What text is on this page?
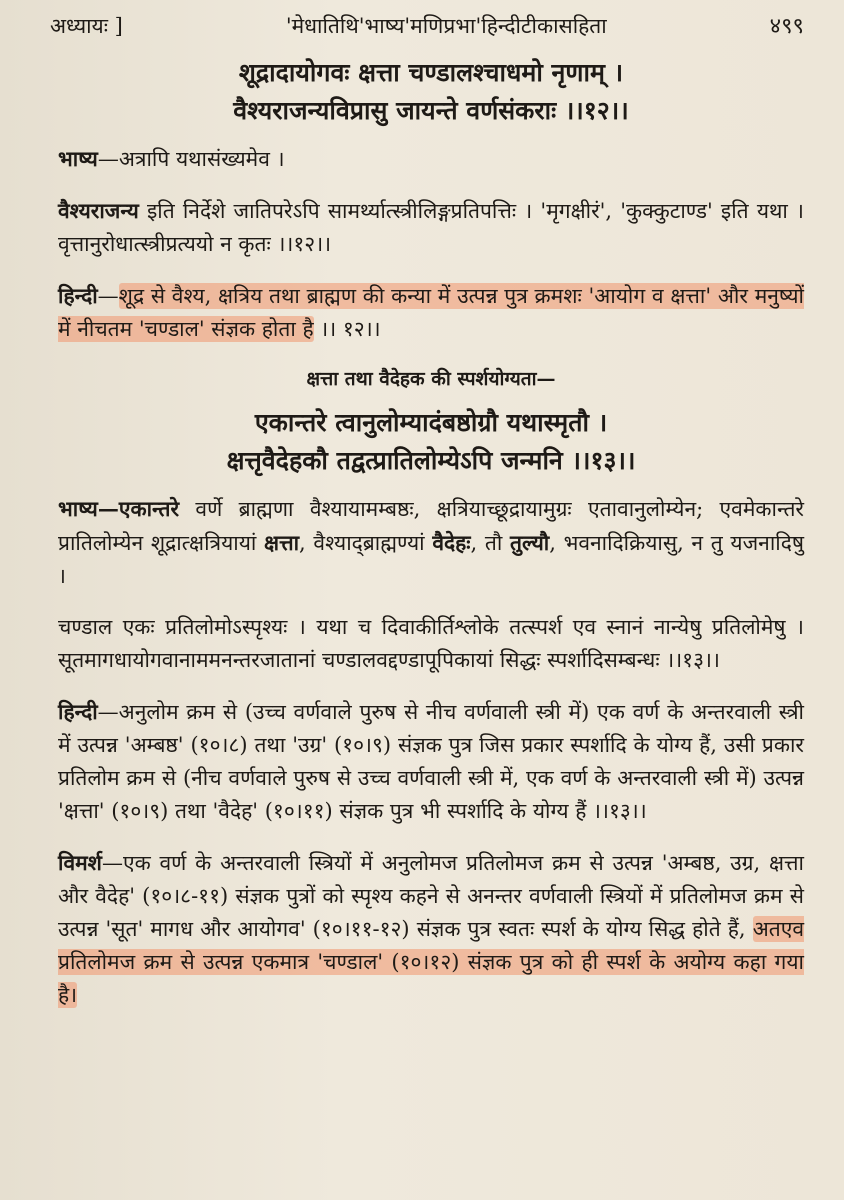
अध्यायः ]	'मेधातिथि'भाष्य'मणिप्रभा'हिन्दीटीकासहिता	४९९

शूद्रादायोगवः क्षत्ता चण्डालश्चाधमो नृणाम् ।

वैश्यराजन्यविप्रासु जायन्ते वर्णसंकराः ।।१२।।

भाष्य—अत्रापि यथासंख्यमेव ।

वैश्यराजन्य इति निर्देशे जातिपरेऽपि सामर्थ्यात्स्त्रीलिङ्गप्रतिपत्तिः । 'मृगक्षीरं', 'कुक्कुटाण्ड' इति यथा । वृत्तानुरोधात्स्त्रीप्रत्ययो न कृतः ।।१२।।

हिन्दी—शूद्र से वैश्य, क्षत्रिय तथा ब्राह्मण की कन्या में उत्पन्न पुत्र क्रमशः 'आयोग व क्षत्ता' और मनुष्यों में नीचतम 'चण्डाल' संज्ञक होता है ।। १२।।

क्षत्ता तथा वैदेहक की स्पर्शयोग्यता—

एकान्तरे त्वानुलोम्यादंबष्ठोग्रौ यथास्मृतौ ।

क्षत्तृवैदेहकौ तद्वत्प्रातिलोम्येऽपि जन्मनि ।।१३।।

भाष्य—एकान्तरे वर्णे ब्राह्मणा वैश्यायामम्बष्ठः, क्षत्रियाच्छूद्रायामुग्रः एतावानुलोम्येन; एवमेकान्तरे प्रातिलोम्येन शूद्रात्क्षत्रियायां क्षत्ता, वैश्याद्ब्राह्मण्यां वैदेहः, तौ तुल्यौ, भवनादिक्रियासु, न तु यजनादिषु ।

चण्डाल एकः प्रतिलोमोऽस्पृश्यः । यथा च दिवाकीर्तिश्लोके तत्स्पर्श एव स्नानं नान्येषु प्रतिलोमेषु । सूतमागधायोगवानाममनन्तरजातानां चण्डालवद्दण्डापूपिकायां सिद्धः स्पर्शादिसम्बन्धः ।।१३।।

हिन्दी—अनुलोम क्रम से (उच्च वर्णवाले पुरुष से नीच वर्णवाली स्त्री में) एक वर्ण के अन्तरवाली स्त्री में उत्पन्न 'अम्बष्ठ' (१०।८) तथा 'उग्र' (१०।९) संज्ञक पुत्र जिस प्रकार स्पर्शादि के योग्य हैं, उसी प्रकार प्रतिलोम क्रम से (नीच वर्णवाले पुरुष से उच्च वर्णवाली स्त्री में, एक वर्ण के अन्तरवाली स्त्री में) उत्पन्न 'क्षत्ता' (१०।९) तथा 'वैदेह' (१०।११) संज्ञक पुत्र भी स्पर्शादि के योग्य हैं ।।१३।।

विमर्श—एक वर्ण के अन्तरवाली स्त्रियों में अनुलोमज प्रतिलोमज क्रम से उत्पन्न 'अम्बष्ठ, उग्र, क्षत्ता और वैदेह' (१०।८-११) संज्ञक पुत्रों को स्पृश्य कहने से अनन्तर वर्णवाली स्त्रियों में प्रतिलोमज क्रम से उत्पन्न 'सूत' मागध और आयोगव' (१०।११-१२) संज्ञक पुत्र स्वतः स्पर्श के योग्य सिद्ध होते हैं, अतएव प्रतिलोमज क्रम से उत्पन्न एकमात्र 'चण्डाल' (१०।१२) संज्ञक पुत्र को ही स्पर्श के अयोग्य कहा गया है।
